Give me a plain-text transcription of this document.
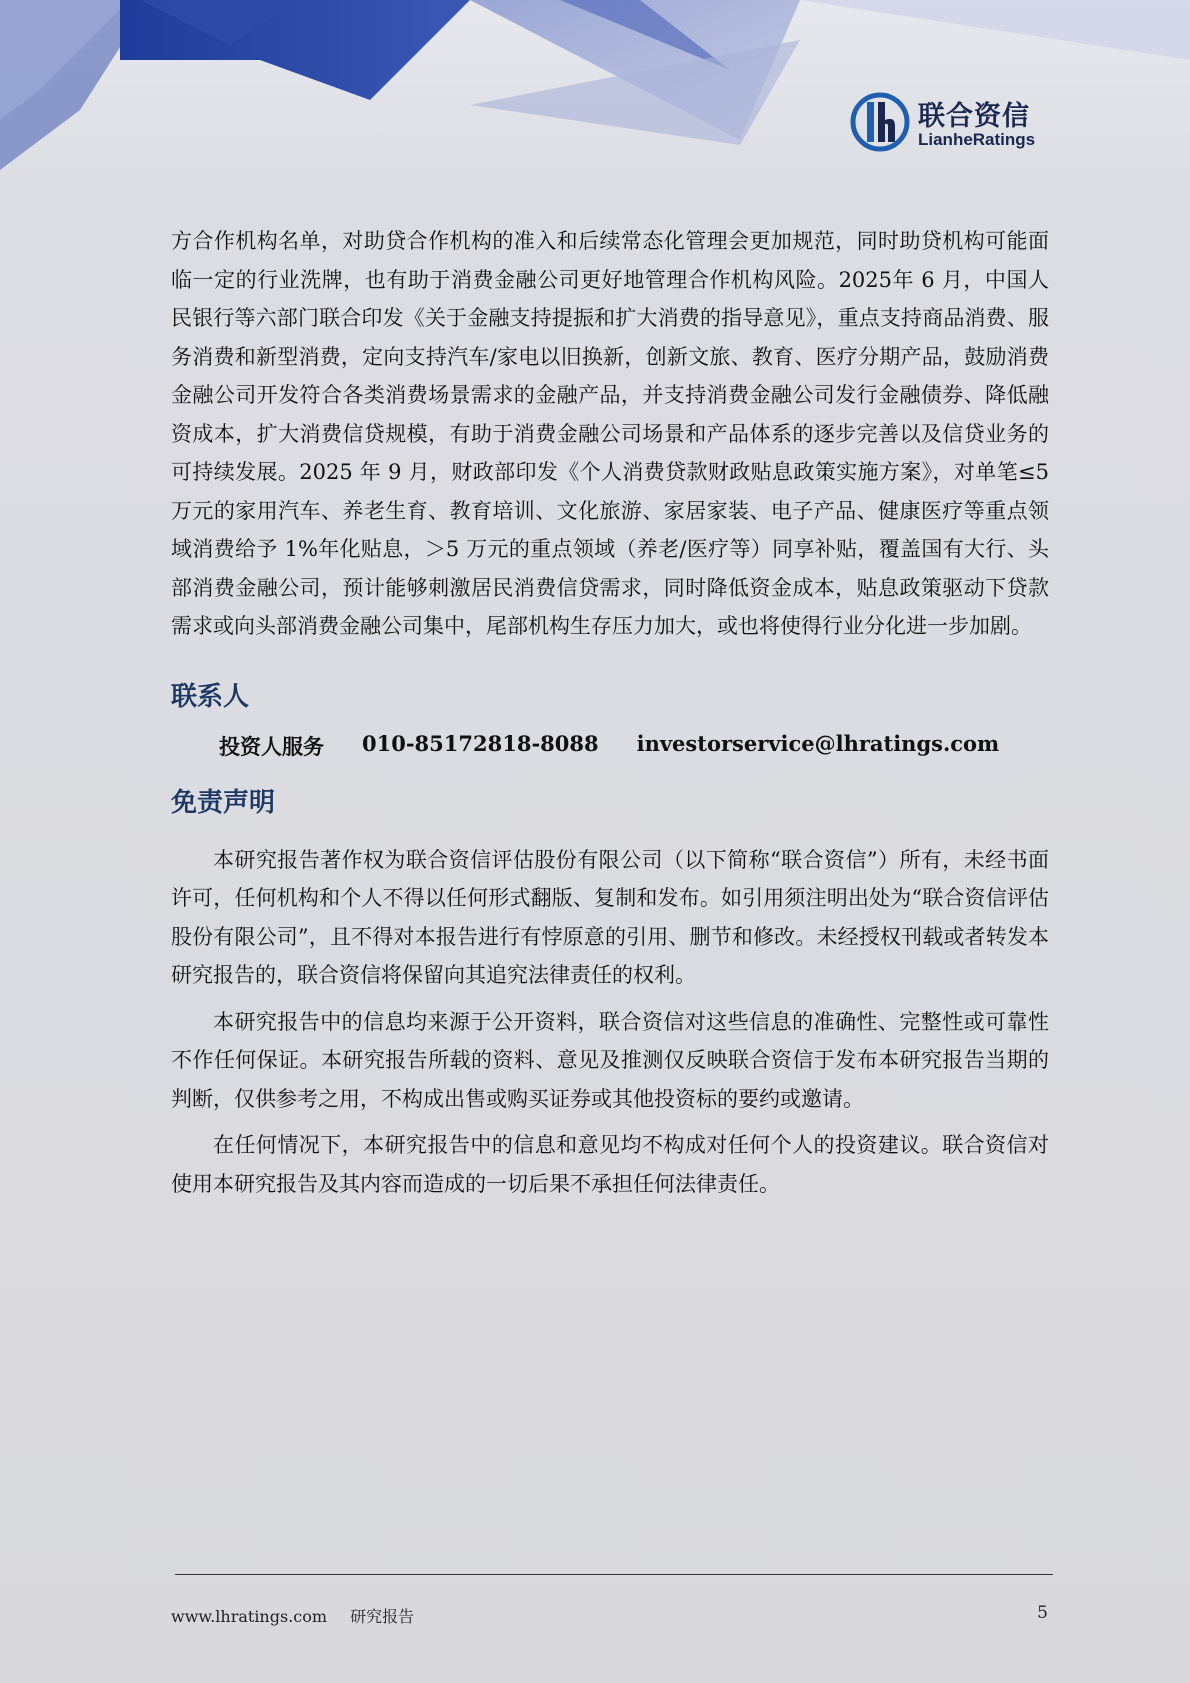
联合资信
LianheRatings

方合作机构名单，对助贷合作机构的准入和后续常态化管理会更加规范，同时助贷机构可能面临一定的行业洗牌，也有助于消费金融公司更好地管理合作机构风险。2025年 6 月，中国人民银行等六部门联合印发《关于金融支持提振和扩大消费的指导意见》，重点支持商品消费、服务消费和新型消费，定向支持汽车/家电以旧换新，创新文旅、教育、医疗分期产品，鼓励消费金融公司开发符合各类消费场景需求的金融产品，并支持消费金融公司发行金融债券、降低融资成本，扩大消费信贷规模，有助于消费金融公司场景和产品体系的逐步完善以及信贷业务的可持续发展。2025 年 9 月，财政部印发《个人消费贷款财政贴息政策实施方案》，对单笔≤5 万元的家用汽车、养老生育、教育培训、文化旅游、家居家装、电子产品、健康医疗等重点领域消费给予 1%年化贴息，＞5 万元的重点领域（养老/医疗等）同享补贴，覆盖国有大行、头部消费金融公司，预计能够刺激居民消费信贷需求，同时降低资金成本，贴息政策驱动下贷款需求或向头部消费金融公司集中，尾部机构生存压力加大，或也将使得行业分化进一步加剧。

联系人
投资人服务 010-85172818-8088 investorservice@lhratings.com
免责声明

本研究报告著作权为联合资信评估股份有限公司（以下简称“联合资信”）所有，未经书面许可，任何机构和个人不得以任何形式翻版、复制和发布。如引用须注明出处为“联合资信评估股份有限公司”，且不得对本报告进行有悖原意的引用、删节和修改。未经授权刊载或者转发本研究报告的，联合资信将保留向其追究法律责任的权利。

本研究报告中的信息均来源于公开资料，联合资信对这些信息的准确性、完整性或可靠性不作任何保证。本研究报告所载的资料、意见及推测仅反映联合资信于发布本研究报告当期的判断，仅供参考之用，不构成出售或购买证券或其他投资标的要约或邀请。

在任何情况下，本研究报告中的信息和意见均不构成对任何个人的投资建议。联合资信对使用本研究报告及其内容而造成的一切后果不承担任何法律责任。

www.lhratings.com 研究报告	5
